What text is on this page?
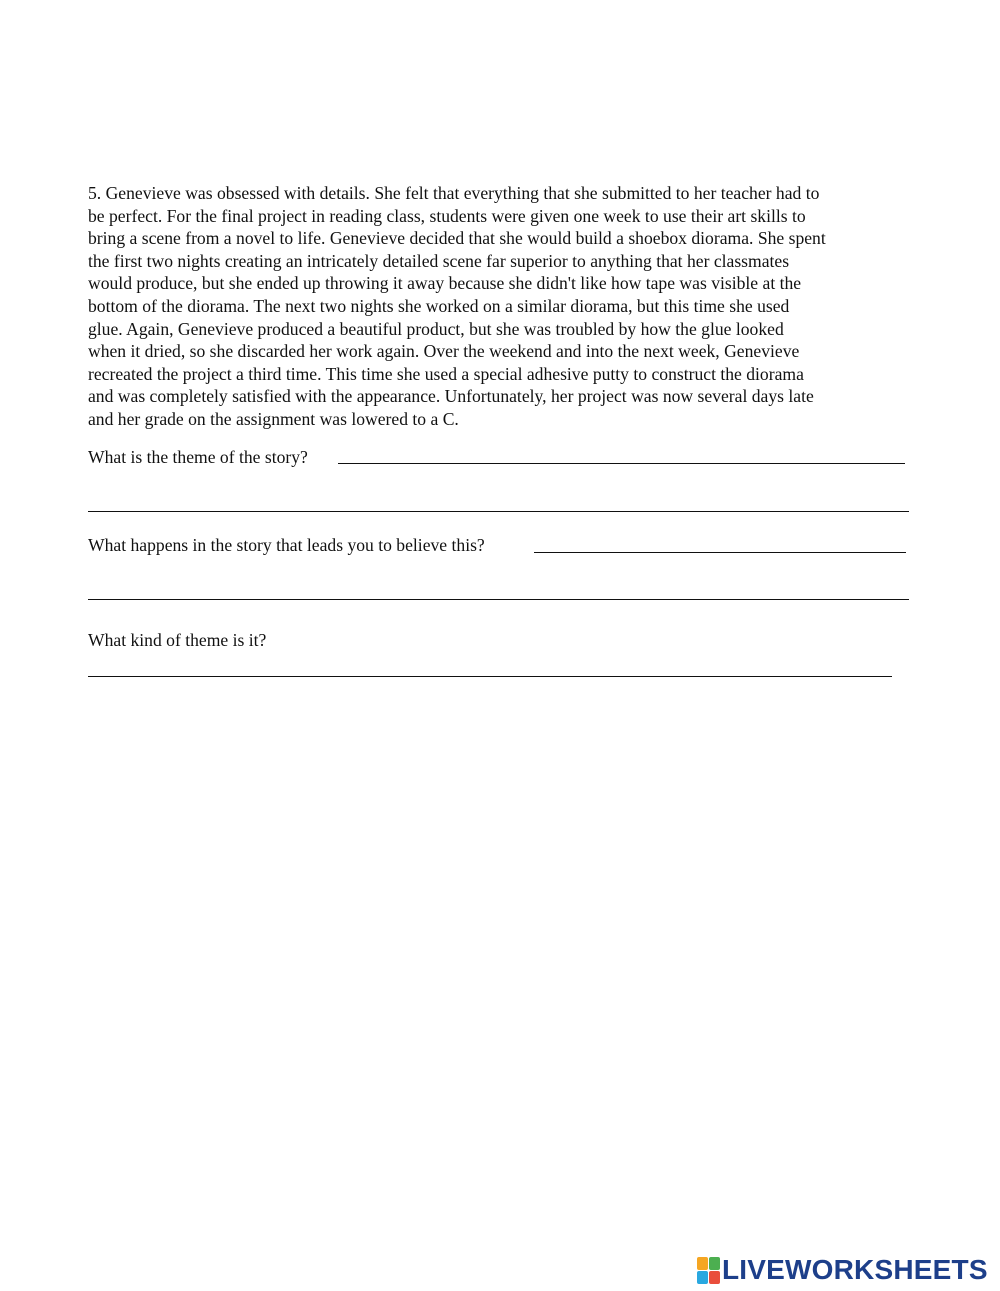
5. Genevieve was obsessed with details. She felt that everything that she submitted to her teacher had to
be perfect. For the final project in reading class, students were given one week to use their art skills to
bring a scene from a novel to life. Genevieve decided that she would build a shoebox diorama. She spent
the first two nights creating an intricately detailed scene far superior to anything that her classmates
would produce, but she ended up throwing it away because she didn't like how tape was visible at the
bottom of the diorama. The next two nights she worked on a similar diorama, but this time she used
glue. Again, Genevieve produced a beautiful product, but she was troubled by how the glue looked
when it dried, so she discarded her work again. Over the weekend and into the next week, Genevieve
recreated the project a third time. This time she used a special adhesive putty to construct the diorama
and was completely satisfied with the appearance. Unfortunately, her project was now several days late
and her grade on the assignment was lowered to a C.
What is the theme of the story?
What happens in the story that leads you to believe this?
What kind of theme is it?
LIVEWORKSHEETS
